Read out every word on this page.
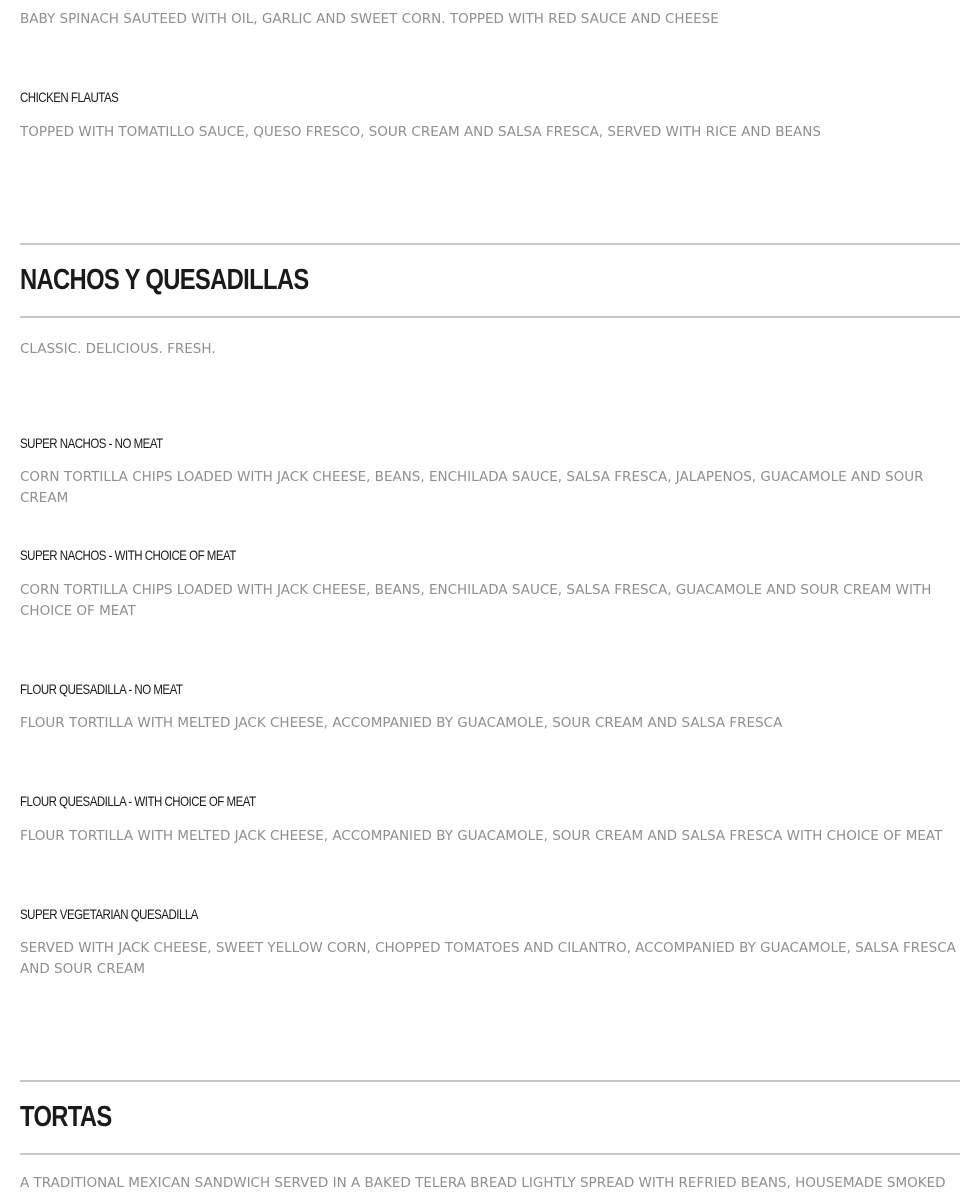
BABY SPINACH SAUTEED WITH OIL, GARLIC AND SWEET CORN. TOPPED WITH RED SAUCE AND CHEESE

CHICKEN FLAUTAS

TOPPED WITH TOMATILLO SAUCE, QUESO FRESCO, SOUR CREAM AND SALSA FRESCA, SERVED WITH RICE AND BEANS

NACHOS Y QUESADILLAS

CLASSIC. DELICIOUS. FRESH.

SUPER NACHOS - NO MEAT

CORN TORTILLA CHIPS LOADED WITH JACK CHEESE, BEANS, ENCHILADA SAUCE, SALSA FRESCA, JALAPENOS, GUACAMOLE AND SOUR CREAM

SUPER NACHOS - WITH CHOICE OF MEAT

CORN TORTILLA CHIPS LOADED WITH JACK CHEESE, BEANS, ENCHILADA SAUCE, SALSA FRESCA, GUACAMOLE AND SOUR CREAM WITH CHOICE OF MEAT

FLOUR QUESADILLA - NO MEAT

FLOUR TORTILLA WITH MELTED JACK CHEESE, ACCOMPANIED BY GUACAMOLE, SOUR CREAM AND SALSA FRESCA

FLOUR QUESADILLA - WITH CHOICE OF MEAT

FLOUR TORTILLA WITH MELTED JACK CHEESE, ACCOMPANIED BY GUACAMOLE, SOUR CREAM AND SALSA FRESCA WITH CHOICE OF MEAT

SUPER VEGETARIAN QUESADILLA

SERVED WITH JACK CHEESE, SWEET YELLOW CORN, CHOPPED TOMATOES AND CILANTRO, ACCOMPANIED BY GUACAMOLE, SALSA FRESCA AND SOUR CREAM

TORTAS

A TRADITIONAL MEXICAN SANDWICH SERVED IN A BAKED TELERA BREAD LIGHTLY SPREAD WITH REFRIED BEANS, HOUSEMADE SMOKED
